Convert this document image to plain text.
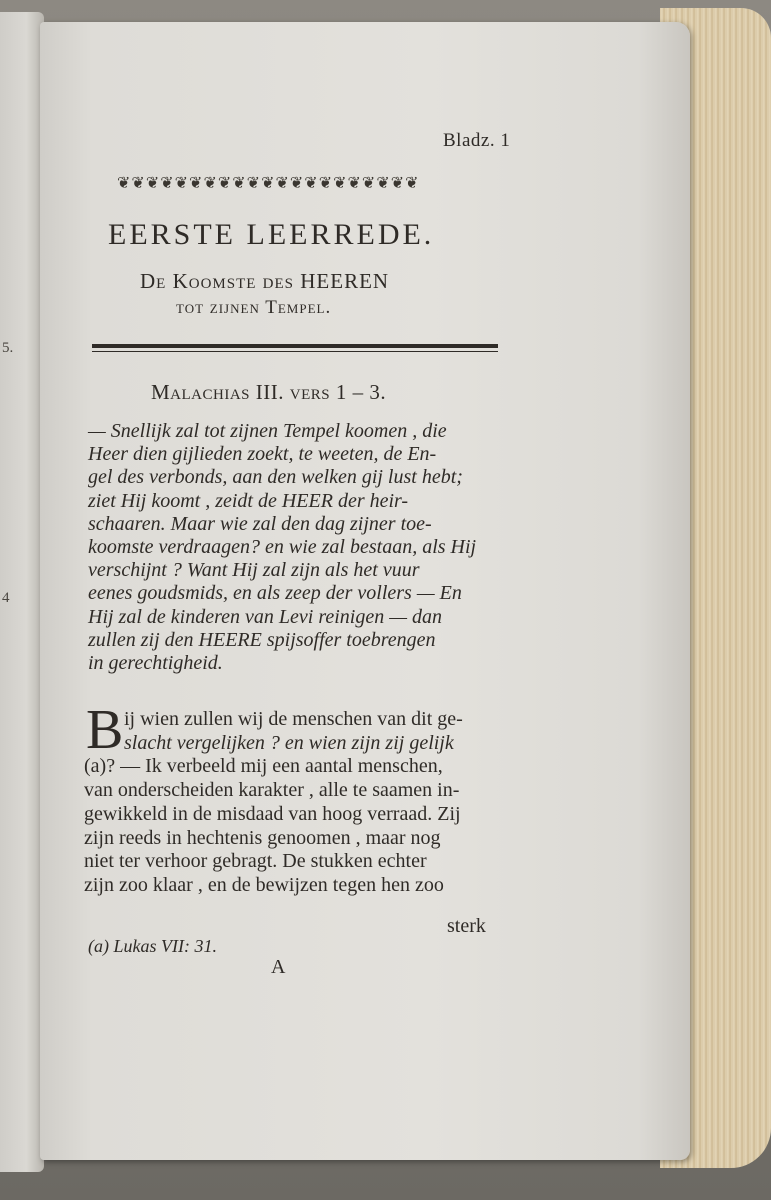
5.
4

Bladz. 1

❦❦❦❦❦❦❦❦❦❦❦❦❦❦❦❦❦❦❦❦❦

EERSTE LEERREDE.

De Koomste des HEEREN

tot zijnen Tempel.

Malachias III. vers 1 – 3.

— Snellijk zal tot zijnen Tempel koomen , die
Heer dien gijlieden zoekt, te weeten, de En-
gel des verbonds, aan den welken gij lust hebt;
ziet Hij koomt , zeidt de HEER der heir-
schaaren. Maar wie zal den dag zijner toe-
koomste verdraagen? en wie zal bestaan, als Hij
verschijnt ? Want Hij zal zijn als het vuur
eenes goudsmids, en als zeep der vollers — En
Hij zal de kinderen van Levi reinigen — dan
zullen zij den HEERE spijsoffer toebrengen
in gerechtigheid.
B ij wien zullen wij de menschen van dit ge-
slacht vergelijken ? en wien zijn zij gelijk
(a)? — Ik verbeeld mij een aantal menschen,
van onderscheiden karakter , alle te saamen in-
gewikkeld in de misdaad van hoog verraad. Zij
zijn reeds in hechtenis genoomen , maar nog
niet ter verhoor gebragt. De stukken echter
zijn zoo klaar , en de bewijzen tegen hen zoo

sterk

(a) Lukas VII: 31.

A
